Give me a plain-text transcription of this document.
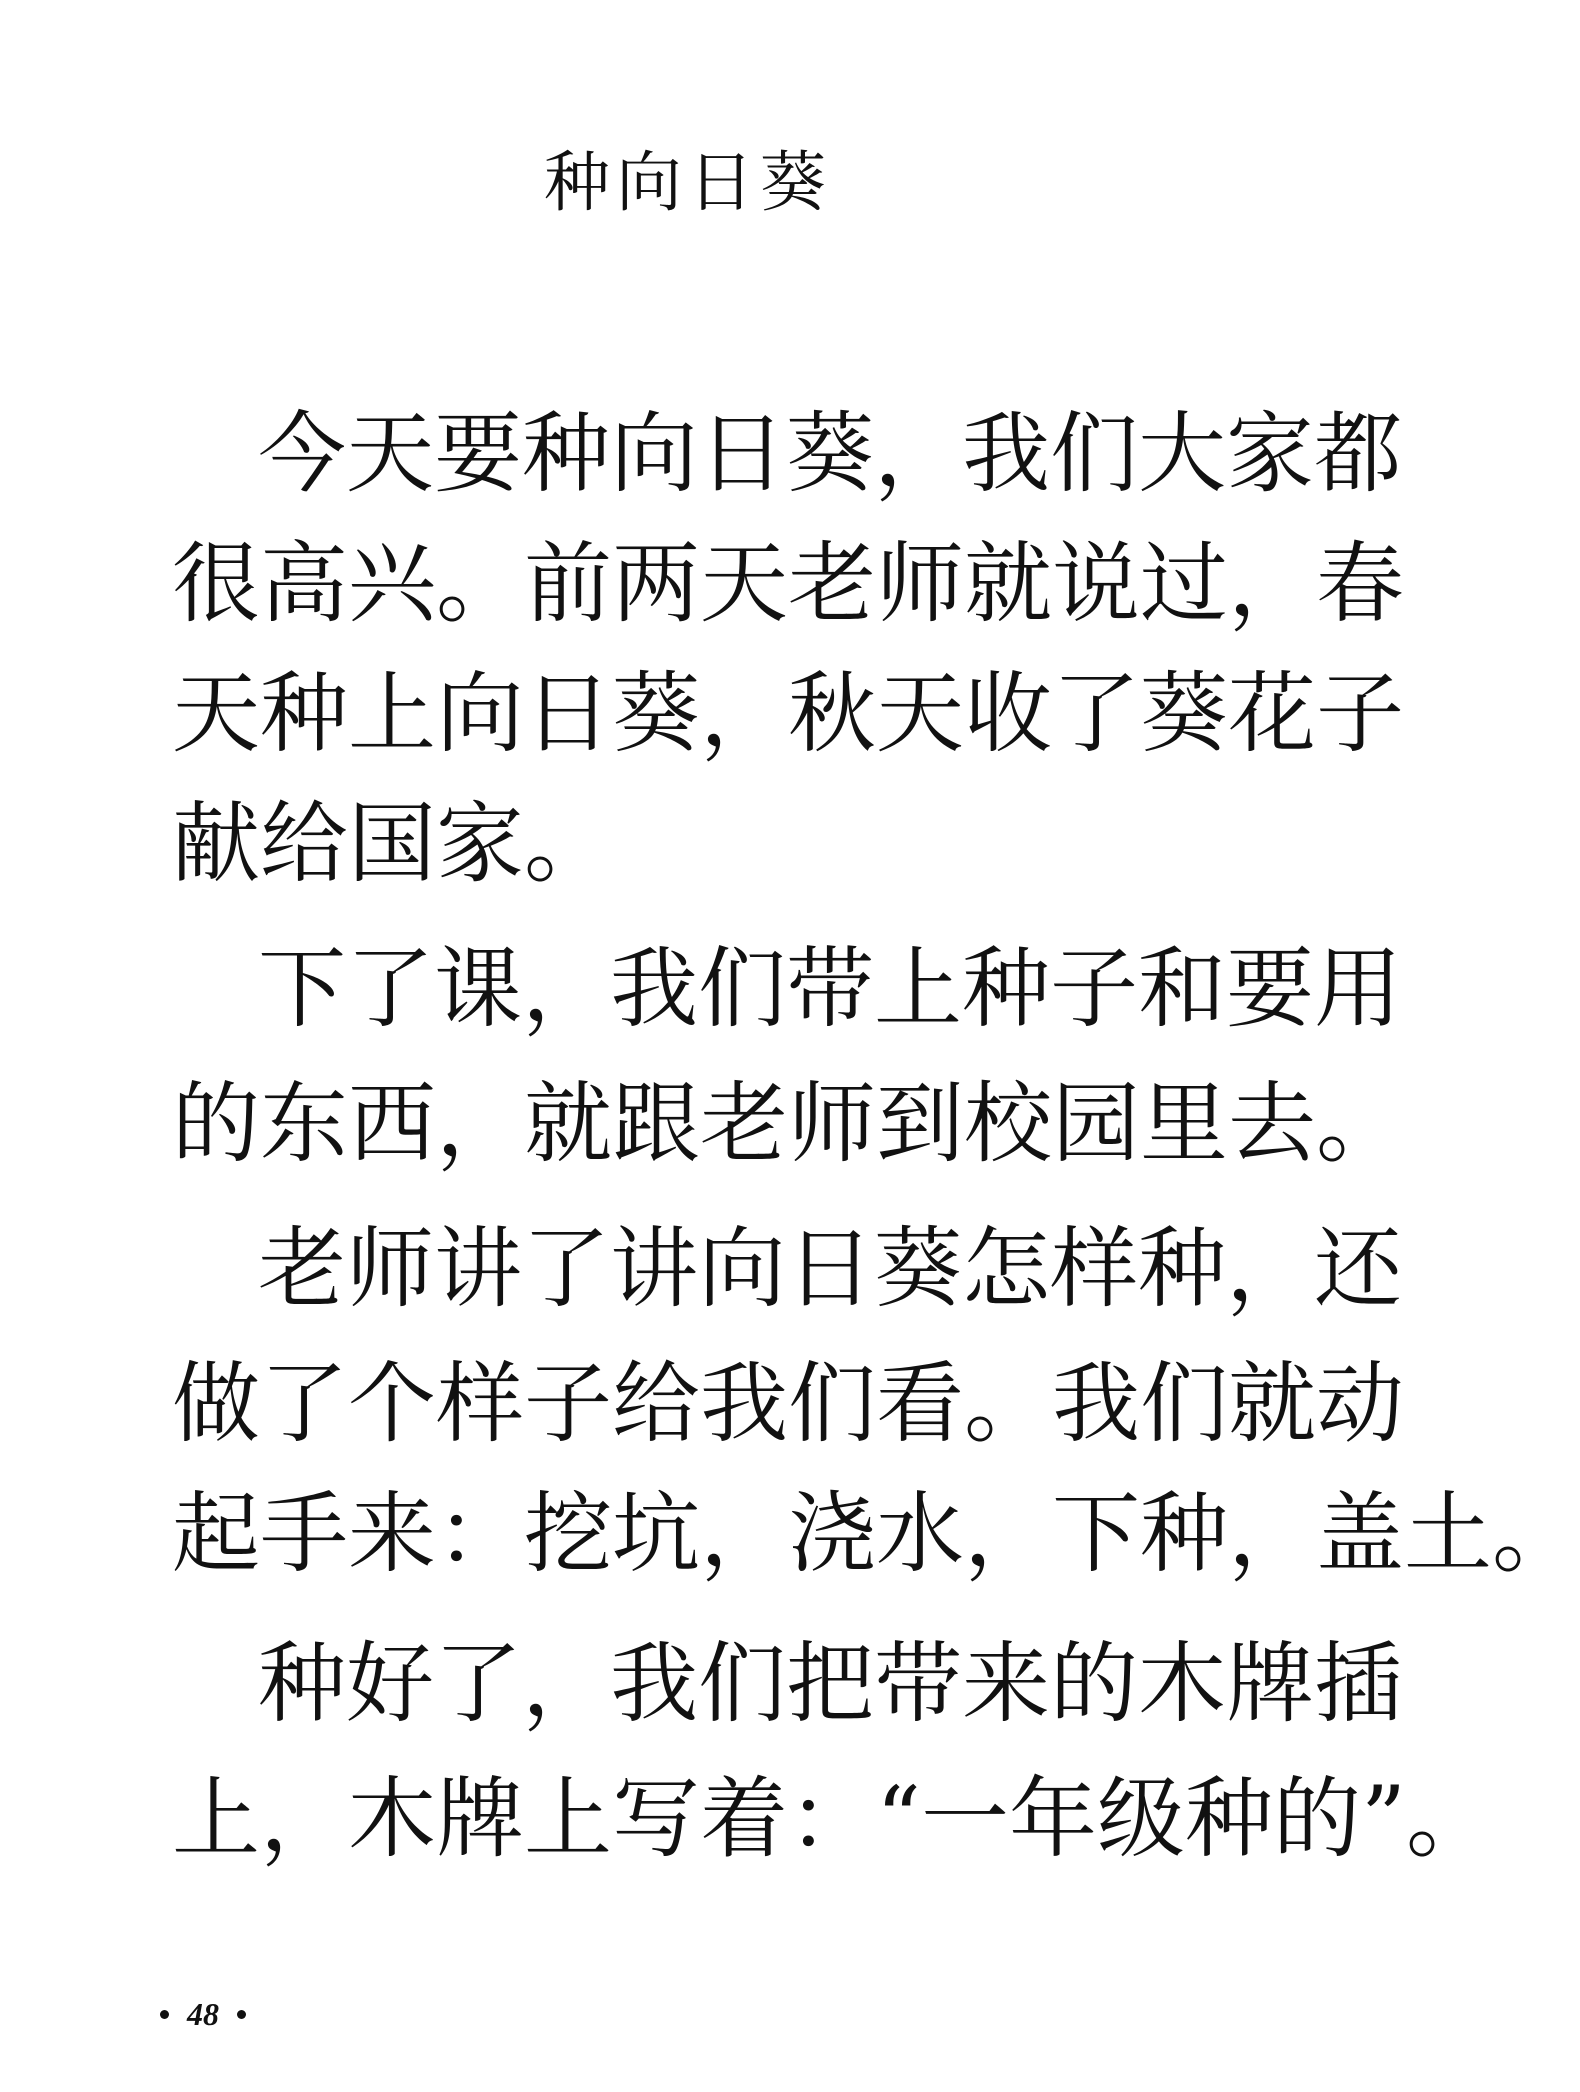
种向日葵
今天要种向日葵，我们大家都
很高兴。前两天老师就说过，春
天种上向日葵，秋天收了葵花子
献给国家。
下了课，我们带上种子和要用
的东西，就跟老师到校园里去。
老师讲了讲向日葵怎样种，还
做了个样子给我们看。我们就动
起手来：挖坑，浇水，下种，盖土。
种好了，我们把带来的木牌插
上，木牌上写着：“一年级种的”。
48
